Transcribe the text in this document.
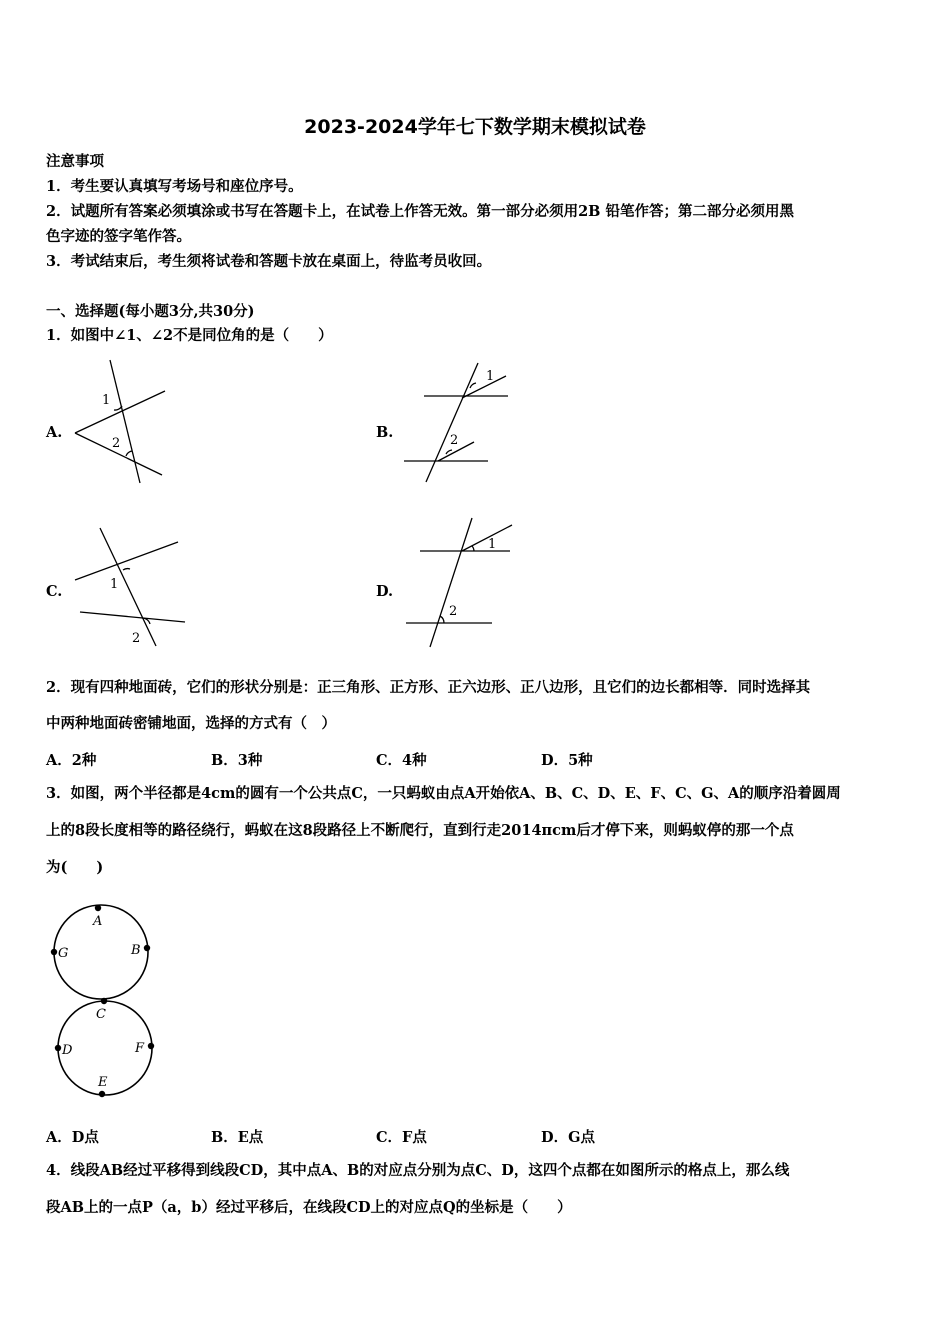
2023-2024学年七下数学期末模拟试卷
注意事项
1．考生要认真填写考场号和座位序号。
2．试题所有答案必须填涂或书写在答题卡上，在试卷上作答无效。第一部分必须用2B 铅笔作答；第二部分必须用黑
色字迹的签字笔作答。
3．考试结束后，考生须将试卷和答题卡放在桌面上，待监考员收回。
一、选择题(每小题3分,共30分)
1．如图中∠1、∠2不是同位角的是（　　）
A.	B.
C.	D.
1
2
1
2
1
2
1
2
2．现有四种地面砖，它们的形状分别是：正三角形、正方形、正六边形、正八边形，且它们的边长都相等．同时选择其
中两种地面砖密铺地面，选择的方式有（　）
A．2种	B．3种	C．4种	D．5种
3．如图，两个半径都是4cm的圆有一个公共点C，一只蚂蚁由点A开始依A、B、C、D、E、F、C、G、A的顺序沿着圆周
上的8段长度相等的路径绕行，蚂蚁在这8段路径上不断爬行，直到行走2014πcm后才停下来，则蚂蚁停的那一个点
为(　　)
A
B
C
D
E
F
G
A．D点	B．E点	C．F点	D．G点
4．线段AB经过平移得到线段CD，其中点A、B的对应点分别为点C、D，这四个点都在如图所示的格点上，那么线
段AB上的一点P（a，b）经过平移后，在线段CD上的对应点Q的坐标是（　　）
